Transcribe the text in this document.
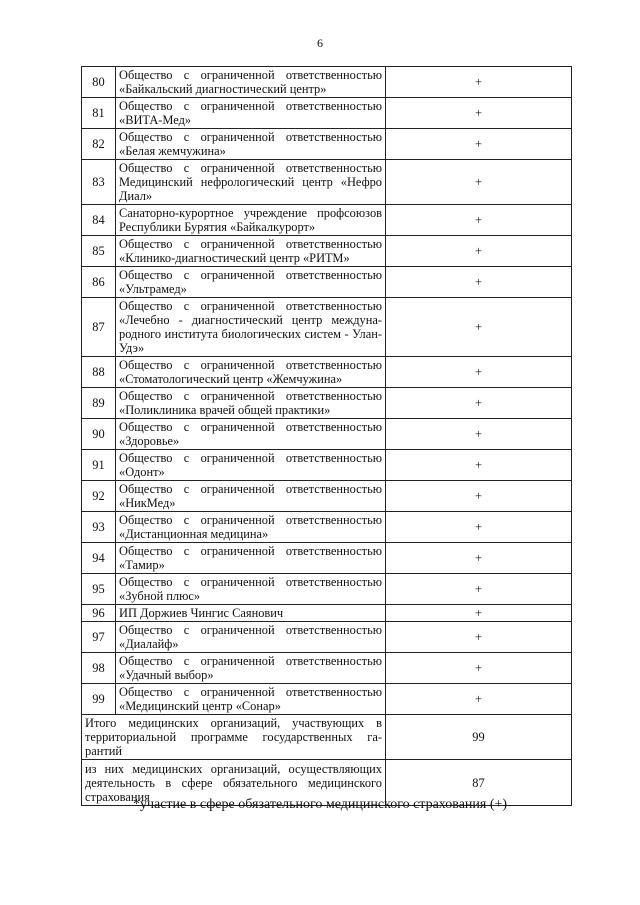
6
80	Общество с ограниченной ответственностью «Байкальский диагностический центр»	+
81	Общество с ограниченной ответственностью «ВИТА-Мед»	+
82	Общество с ограниченной ответственностью «Белая жемчужина»	+
83	Общество с ограниченной ответственностью Медицинский нефрологический центр «Нефро Диал»	+
84	Санаторно-курортное учреждение профсоюзов Республики Бурятия «Байкалкурорт»	+
85	Общество с ограниченной ответственностью «Клинико-диагностический центр «РИТМ»	+
86	Общество с ограниченной ответственностью «Ультрамед»	+
87	Общество с ограниченной ответственностью «Лечебно - диагностический центр междуна-родного института биологических систем - Улан-Удэ»	+
88	Общество с ограниченной ответственностью «Стоматологический центр «Жемчужина»	+
89	Общество с ограниченной ответственностью «Поликлиника врачей общей практики»	+
90	Общество с ограниченной ответственностью «Здоровье»	+
91	Общество с ограниченной ответственностью «Одонт»	+
92	Общество с ограниченной ответственностью «НикМед»	+
93	Общество с ограниченной ответственностью «Дистанционная медицина»	+
94	Общество с ограниченной ответственностью «Тамир»	+
95	Общество с ограниченной ответственностью «Зубной плюс»	+
96	ИП Доржиев Чингис Саянович	+
97	Общество с ограниченной ответственностью «Диалайф»	+
98	Общество с ограниченной ответственностью «Удачный выбор»	+
99	Общество с ограниченной ответственностью «Медицинский центр «Сонар»	+
Итого медицинских организаций, участвующих в территориальной программе государственных га-рантий		99
из них медицинских организаций, осуществляющих деятельность в сфере обязательного медицинского страхования		87
*участие в сфере обязательного медицинского страхования (+)
